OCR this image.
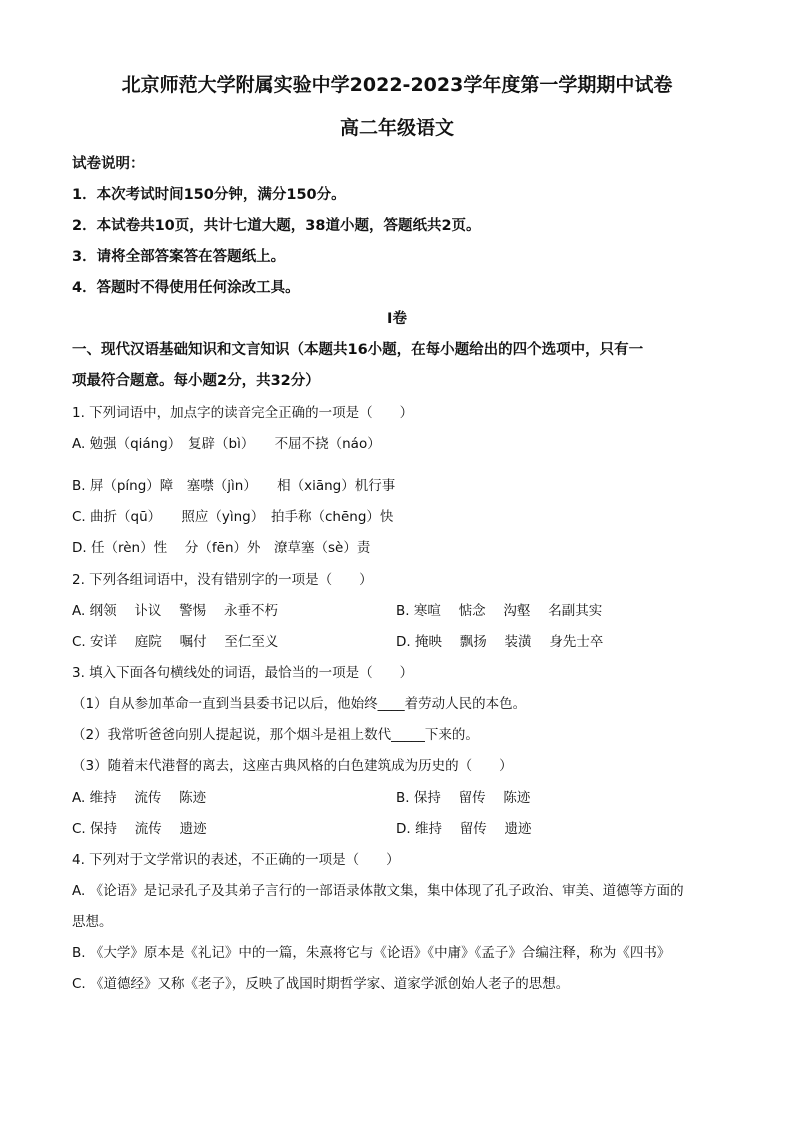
北京师范大学附属实验中学2022-2023学年度第一学期期中试卷
高二年级语文
试卷说明：
1．本次考试时间150分钟，满分150分。
2．本试卷共10页，共计七道大题，38道小题，答题纸共2页。
3．请将全部答案答在答题纸上。
4．答题时不得使用任何涂改工具。
I卷
一、现代汉语基础知识和文言知识（本题共16小题，在每小题给出的四个选项中，只有一
项最符合题意。每小题2分，共32分）
1. 下列词语中，加点字的读音完全正确的一项是（　　）
A. 勉强（qiáng）　复辟（bì）　　不屈不挠（náo）
B. 屏（píng）障　塞噤（jìn）　　相（xiāng）机行事
C. 曲折（qū）　　照应（yìng）　拍手称（chēng）快
D. 任（rèn）性　 分（fēn）外　潦草塞（sè）责
2. 下列各组词语中，没有错别字的一项是（　　）
A. 纲领　 讣议　 警惕　 永垂不朽	B. 寒喧　 惦念　 沟壑　 名副其实
C. 安详　 庭院　 嘱付　 至仁至义	D. 掩映　 飘扬　 装潢　 身先士卒
3. 填入下面各句横线处的词语，最恰当的一项是（　　）
（1）自从参加革命一直到当县委书记以后，他始终____着劳动人民的本色。
（2）我常听爸爸向别人提起说，那个烟斗是祖上数代_____下来的。
（3）随着末代港督的离去，这座古典风格的白色建筑成为历史的（　　）
A. 维持　 流传　 陈迹	B. 保持　 留传　 陈迹
C. 保持　 流传　 遗迹	D. 维持　 留传　 遗迹
4. 下列对于文学常识的表述，不正确的一项是（　　）
A. 《论语》是记录孔子及其弟子言行的一部语录体散文集，集中体现了孔子政治、审美、道德等方面的
思想。
B. 《大学》原本是《礼记》中的一篇，朱熹将它与《论语》《中庸》《孟子》合编注释，称为《四书》
C. 《道德经》又称《老子》，反映了战国时期哲学家、道家学派创始人老子的思想。
